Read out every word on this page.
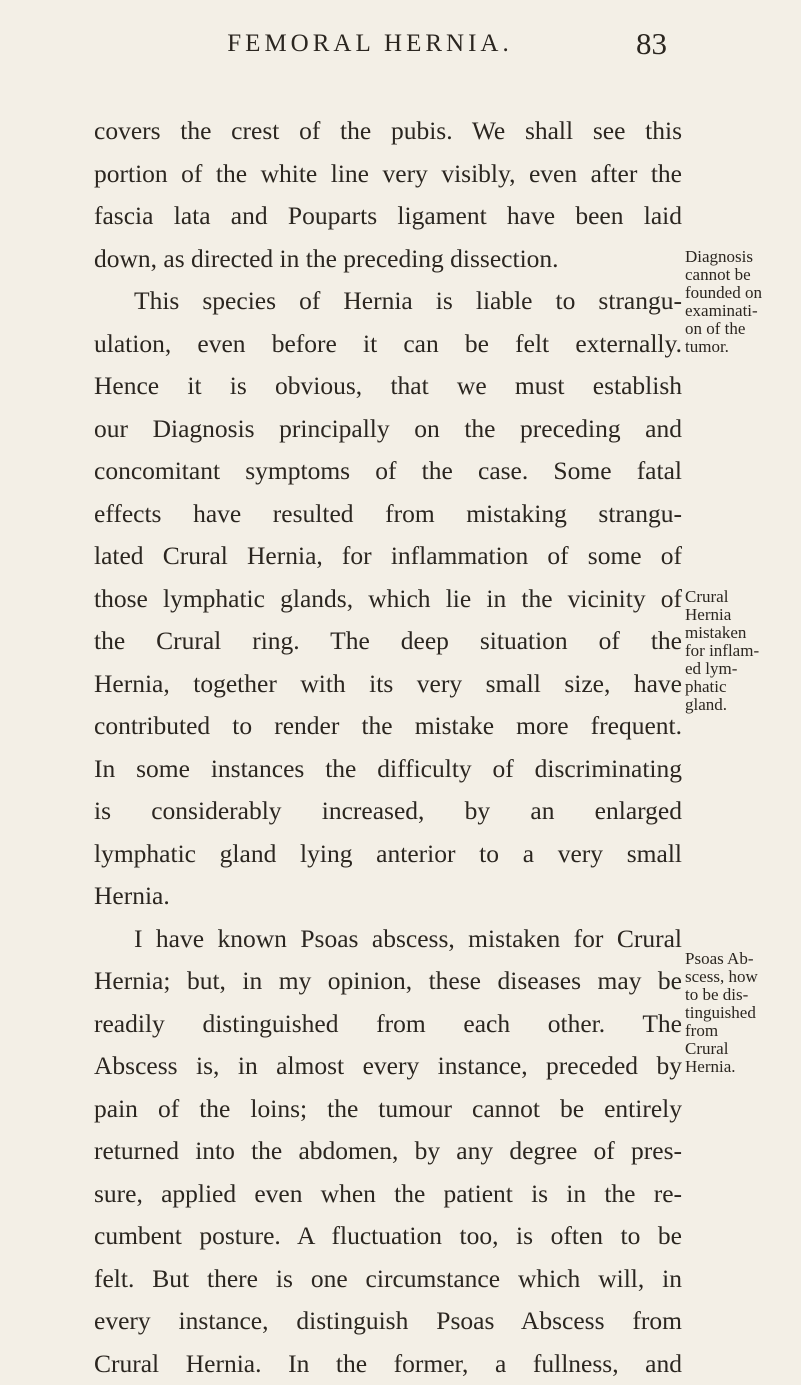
FEMORAL HERNIA.	83
covers the crest of the pubis. We shall see this
portion of the white line very visibly, even after the
fascia lata and Pouparts ligament have been laid
down, as directed in the preceding dissection.
This species of Hernia is liable to strangu-
ulation, even before it can be felt externally.
Hence it is obvious, that we must establish
our Diagnosis principally on the preceding and
concomitant symptoms of the case. Some fatal
effects have resulted from mistaking strangu-
lated Crural Hernia, for inflammation of some of
those lymphatic glands, which lie in the vicinity of
the Crural ring. The deep situation of the
Hernia, together with its very small size, have
contributed to render the mistake more frequent.
In some instances the difficulty of discriminating
is considerably increased, by an enlarged
lymphatic gland lying anterior to a very small
Hernia.
I have known Psoas abscess, mistaken for Crural
Hernia; but, in my opinion, these diseases may be
readily distinguished from each other. The
Abscess is, in almost every instance, preceded by
pain of the loins; the tumour cannot be entirely
returned into the abdomen, by any degree of pres-
sure, applied even when the patient is in the re-
cumbent posture. A fluctuation too, is often to be
felt. But there is one circumstance which will, in
every instance, distinguish Psoas Abscess from
Crural Hernia. In the former, a fullness, and
Diagnosis
cannot be
founded on
examinati-
on of the
tumor.
Crural
Hernia
mistaken
for inflam-
ed lym-
phatic
gland.
Psoas Ab-
scess, how
to be dis-
tinguished
from
Crural
Hernia.
